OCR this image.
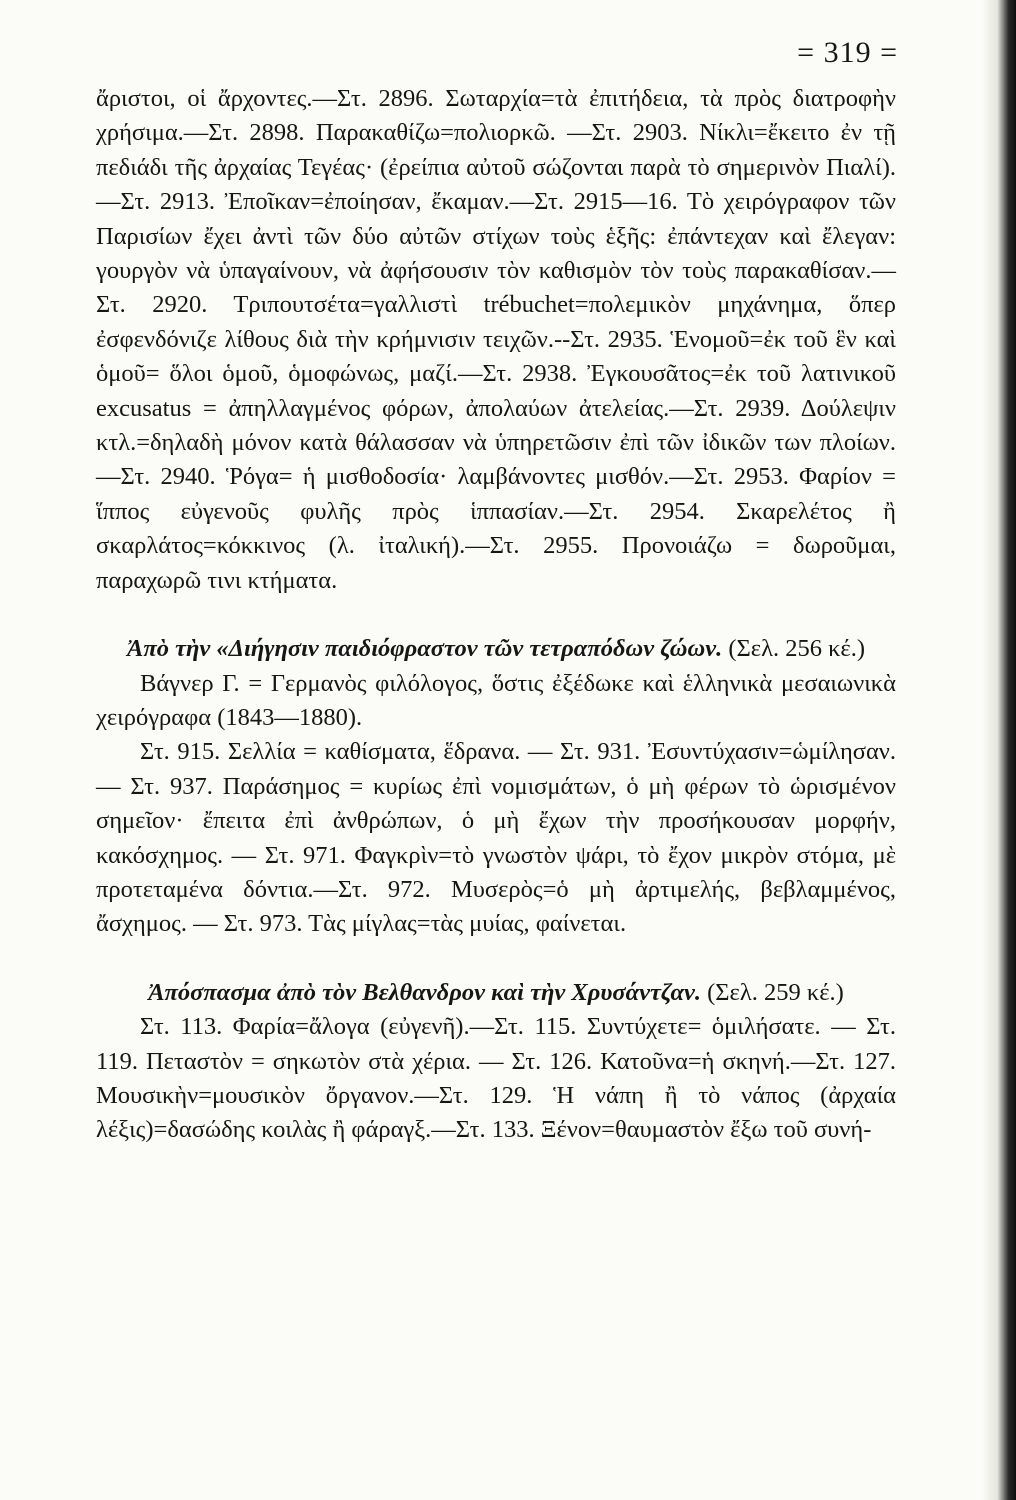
= 319 =

ἄριστοι, οἱ ἄρχοντες.—Στ. 2896. Σωταρχία=τὰ ἐπιτήδεια, τὰ πρὸς διατροφὴν χρήσιμα.—Στ. 2898. Παρακαθίζω=πολιορκῶ. —Στ. 2903. Νίκλι=ἔκειτο ἐν τῇ πεδιάδι τῆς ἀρχαίας Τεγέας· (ἐρείπια αὐτοῦ σώζονται παρὰ τὸ σημερινὸν Πιαλί).—Στ. 2913. Ἐποῖκαν=ἐποίησαν, ἔκαμαν.—Στ. 2915—16. Τὸ χειρόγραφον τῶν Παρισίων ἔχει ἀντὶ τῶν δύο αὐτῶν στίχων τοὺς ἑξῆς: ἐπάντεχαν καὶ ἔλεγαν: γουργὸν νὰ ὑπαγαίνουν, νὰ ἀφήσουσιν τὸν καθισμὸν τὸν τοὺς παρακαθίσαν.—Στ. 2920. Τριπουτσέτα=γαλλιστὶ trébuchet=πολεμικὸν μηχάνημα, ὅπερ ἐσφενδόνιζε λίθους διὰ τὴν κρήμνισιν τειχῶν.--Στ. 2935. Ἑνομοῦ=ἐκ τοῦ ἓν καὶ ὁμοῦ= ὅλοι ὁμοῦ, ὁμοφώνως, μαζί.—Στ. 2938. Ἐγκουσᾶτος=ἐκ τοῦ λατινικοῦ excusatus = ἀπηλλαγμένος φόρων, ἀπολαύων ἀτελείας.—Στ. 2939. Δούλεψιν κτλ.=δηλαδὴ μόνον κατὰ θάλασσαν νὰ ὑπηρετῶσιν ἐπὶ τῶν ἰδικῶν των πλοίων.—Στ. 2940. Ῥόγα= ἡ μισθοδοσία· λαμβάνοντες μισθόν.—Στ. 2953. Φαρίον = ἵππος εὐγενοῦς φυλῆς πρὸς ἱππασίαν.—Στ. 2954. Σκαρελέτος ἢ σκαρλάτος=κόκκινος (λ. ἰταλική).—Στ. 2955. Προνοιάζω = δωροῦμαι, παραχωρῶ τινι κτήματα.

Ἀπὸ τὴν «Διήγησιν παιδιόφραστον τῶν τετραπόδων ζώων. (Σελ. 256 κέ.)

Βάγνερ Γ. = Γερμανὸς φιλόλογος, ὅστις ἐξέδωκε καὶ ἑλληνικὰ μεσαιωνικὰ χειρόγραφα (1843—1880).

Στ. 915. Σελλία = καθίσματα, ἕδρανα. — Στ. 931. Ἐσυντύχασιν=ὡμίλησαν. — Στ. 937. Παράσημος = κυρίως ἐπὶ νομισμάτων, ὁ μὴ φέρων τὸ ὡρισμένον σημεῖον· ἔπειτα ἐπὶ ἀνθρώπων, ὁ μὴ ἔχων τὴν προσήκουσαν μορφήν, κακόσχημος. — Στ. 971. Φαγκρὶν=τὸ γνωστὸν ψάρι, τὸ ἔχον μικρὸν στόμα, μὲ προτεταμένα δόντια.—Στ. 972. Μυσερὸς=ὁ μὴ ἀρτιμελής, βεβλαμμένος, ἄσχημος. — Στ. 973. Τὰς μίγλας=τὰς μυίας, φαίνεται.

Ἀπόσπασμα ἀπὸ τὸν Βελθανδρον καὶ τὴν Χρυσάντζαν. (Σελ. 259 κέ.)

Στ. 113. Φαρία=ἄλογα (εὐγενῆ).—Στ. 115. Συντύχετε= ὁμιλήσατε. — Στ. 119. Πεταστὸν = σηκωτὸν στὰ χέρια. — Στ. 126. Κατοῦνα=ἡ σκηνή.—Στ. 127. Μουσικὴν=μουσικὸν ὄργανον.—Στ. 129. Ἡ νάπη ἢ τὸ νάπος (ἀρχαία λέξις)=δασώδης κοιλὰς ἢ φάραγξ.—Στ. 133. Ξένον=θαυμαστὸν ἔξω τοῦ συνή-
